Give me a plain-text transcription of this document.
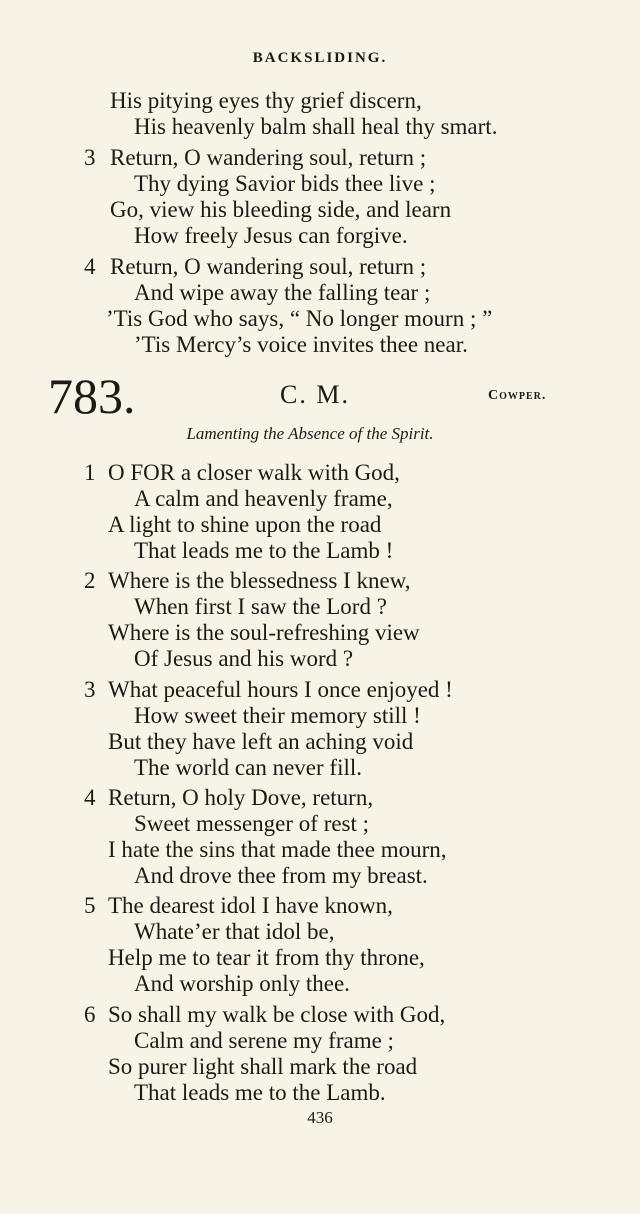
BACKSLIDING.
His pitying eyes thy grief discern,
His heavenly balm shall heal thy smart.
3 Return, O wandering soul, return ;
Thy dying Savior bids thee live ;
Go, view his bleeding side, and learn
How freely Jesus can forgive.
4 Return, O wandering soul, return ;
And wipe away the falling tear ;
’Tis God who says, “ No longer mourn ; ”
’Tis Mercy’s voice invites thee near.
783.	C. M.	Cowper.
Lamenting the Absence of the Spirit.
1 O FOR a closer walk with God,
A calm and heavenly frame,
A light to shine upon the road
That leads me to the Lamb !
2 Where is the blessedness I knew,
When first I saw the Lord ?
Where is the soul-refreshing view
Of Jesus and his word ?
3 What peaceful hours I once enjoyed !
How sweet their memory still !
But they have left an aching void
The world can never fill.
4 Return, O holy Dove, return,
Sweet messenger of rest ;
I hate the sins that made thee mourn,
And drove thee from my breast.
5 The dearest idol I have known,
Whate’er that idol be,
Help me to tear it from thy throne,
And worship only thee.
6 So shall my walk be close with God,
Calm and serene my frame ;
So purer light shall mark the road
That leads me to the Lamb.
436
